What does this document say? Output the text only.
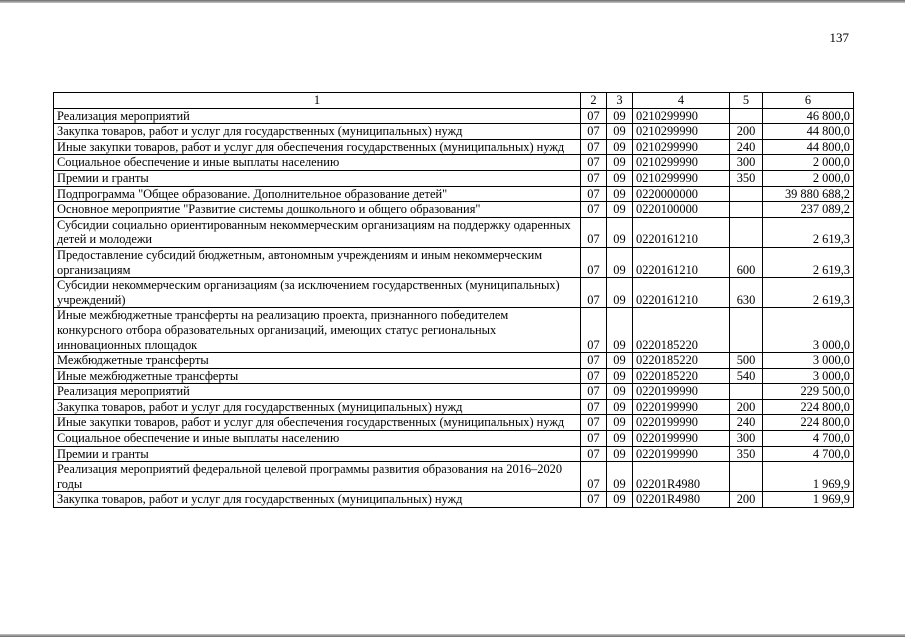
137
1	2	3	4	5	6
Реализация мероприятий	07	09	0210299990		46 800,0
Закупка товаров, работ и услуг для государственных (муниципальных) нужд	07	09	0210299990	200	44 800,0
Иные закупки товаров, работ и услуг для обеспечения государственных (муниципальных) нужд	07	09	0210299990	240	44 800,0
Социальное обеспечение и иные выплаты населению	07	09	0210299990	300	2 000,0
Премии и гранты	07	09	0210299990	350	2 000,0
Подпрограмма "Общее образование. Дополнительное образование детей"	07	09	0220000000		39 880 688,2
Основное мероприятие "Развитие системы дошкольного и общего образования"	07	09	0220100000		237 089,2
Субсидии социально ориентированным некоммерческим организациям на поддержку одаренных детей и молодежи	07	09	0220161210		2 619,3
Предоставление субсидий бюджетным, автономным учреждениям и иным некоммерческим организациям	07	09	0220161210	600	2 619,3
Субсидии некоммерческим организациям (за исключением государственных (муниципальных) учреждений)	07	09	0220161210	630	2 619,3
Иные межбюджетные трансферты на реализацию проекта, признанного победителем конкурсного отбора образовательных организаций, имеющих статус региональных инновационных площадок	07	09	0220185220		3 000,0
Межбюджетные трансферты	07	09	0220185220	500	3 000,0
Иные межбюджетные трансферты	07	09	0220185220	540	3 000,0
Реализация мероприятий	07	09	0220199990		229 500,0
Закупка товаров, работ и услуг для государственных (муниципальных) нужд	07	09	0220199990	200	224 800,0
Иные закупки товаров, работ и услуг для обеспечения государственных (муниципальных) нужд	07	09	0220199990	240	224 800,0
Социальное обеспечение и иные выплаты населению	07	09	0220199990	300	4 700,0
Премии и гранты	07	09	0220199990	350	4 700,0
Реализация мероприятий федеральной целевой программы развития образования на 2016–2020 годы	07	09	02201R4980		1 969,9
Закупка товаров, работ и услуг для государственных (муниципальных) нужд	07	09	02201R4980	200	1 969,9
